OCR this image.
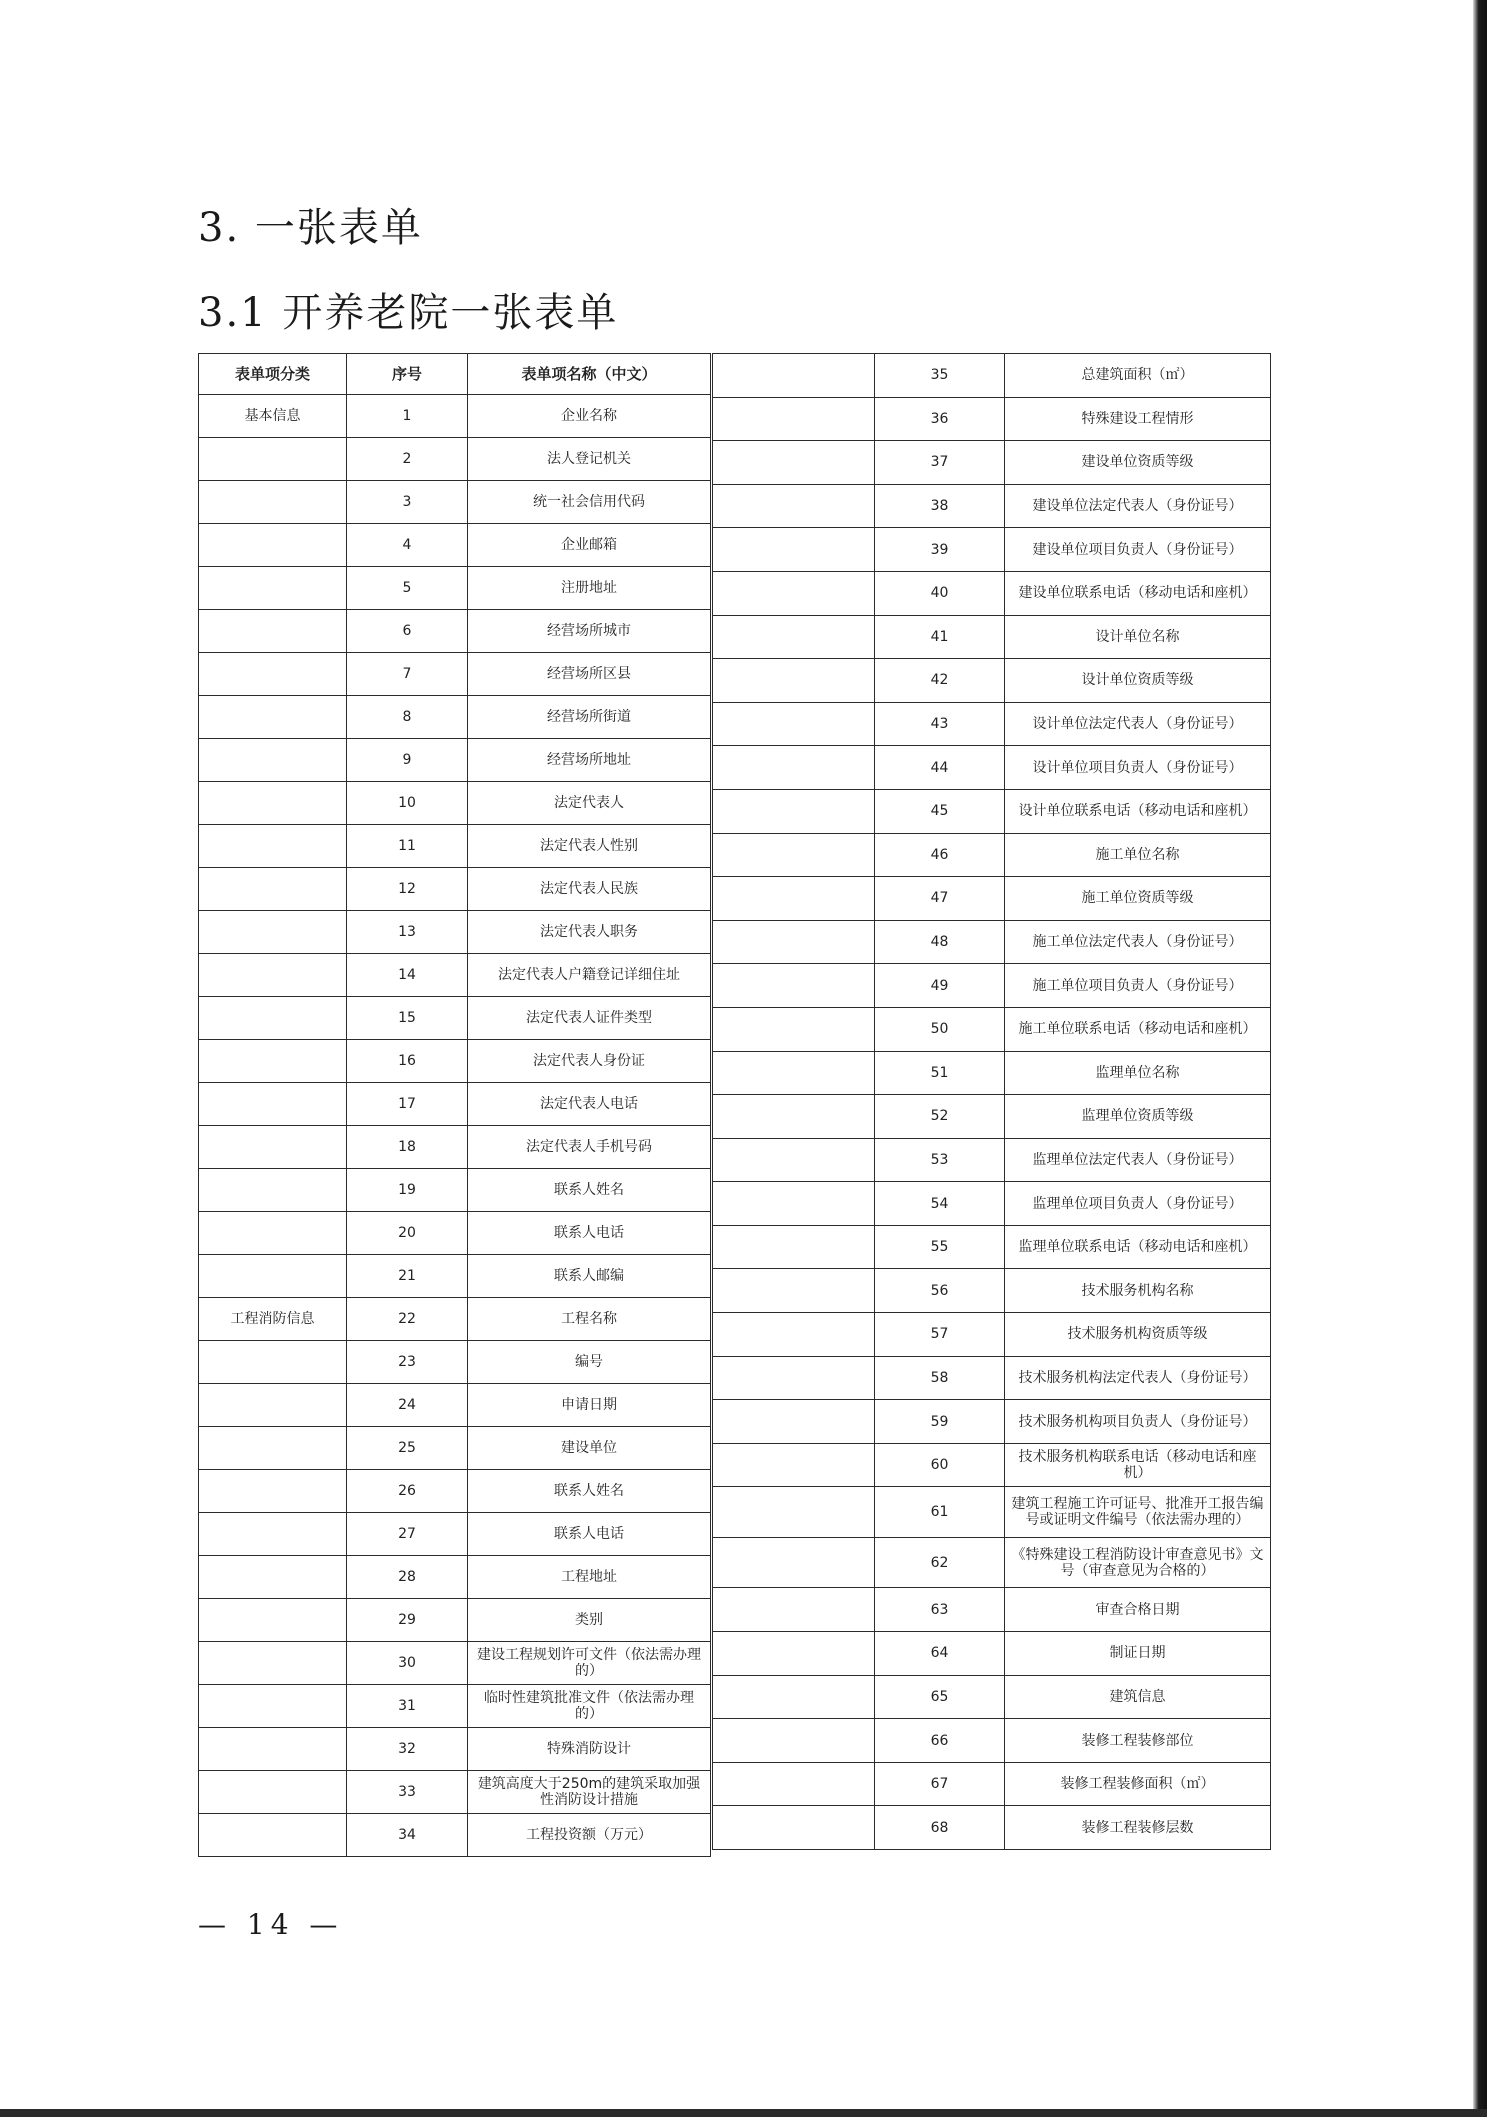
3. 一张表单
3.1 开养老院一张表单
表单项分类	序号	表单项名称（中文）
基本信息	1	企业名称
	2	法人登记机关
	3	统一社会信用代码
	4	企业邮箱
	5	注册地址
	6	经营场所城市
	7	经营场所区县
	8	经营场所街道
	9	经营场所地址
	10	法定代表人
	11	法定代表人性别
	12	法定代表人民族
	13	法定代表人职务
	14	法定代表人户籍登记详细住址
	15	法定代表人证件类型
	16	法定代表人身份证
	17	法定代表人电话
	18	法定代表人手机号码
	19	联系人姓名
	20	联系人电话
	21	联系人邮编
工程消防信息	22	工程名称
	23	编号
	24	申请日期
	25	建设单位
	26	联系人姓名
	27	联系人电话
	28	工程地址
	29	类别
	30	建设工程规划许可文件（依法需办理的）
	31	临时性建筑批准文件（依法需办理的）
	32	特殊消防设计
	33	建筑高度大于250m的建筑采取加强性消防设计措施
	34	工程投资额（万元）
	35	总建筑面积（㎡）
	36	特殊建设工程情形
	37	建设单位资质等级
	38	建设单位法定代表人（身份证号）
	39	建设单位项目负责人（身份证号）
	40	建设单位联系电话（移动电话和座机）
	41	设计单位名称
	42	设计单位资质等级
	43	设计单位法定代表人（身份证号）
	44	设计单位项目负责人（身份证号）
	45	设计单位联系电话（移动电话和座机）
	46	施工单位名称
	47	施工单位资质等级
	48	施工单位法定代表人（身份证号）
	49	施工单位项目负责人（身份证号）
	50	施工单位联系电话（移动电话和座机）
	51	监理单位名称
	52	监理单位资质等级
	53	监理单位法定代表人（身份证号）
	54	监理单位项目负责人（身份证号）
	55	监理单位联系电话（移动电话和座机）
	56	技术服务机构名称
	57	技术服务机构资质等级
	58	技术服务机构法定代表人（身份证号）
	59	技术服务机构项目负责人（身份证号）
	60	技术服务机构联系电话（移动电话和座机）
	61	建筑工程施工许可证号、批准开工报告编号或证明文件编号（依法需办理的）
	62	《特殊建设工程消防设计审查意见书》文号（审查意见为合格的）
	63	审查合格日期
	64	制证日期
	65	建筑信息
	66	装修工程装修部位
	67	装修工程装修面积（㎡）
	68	装修工程装修层数
— 14 —
